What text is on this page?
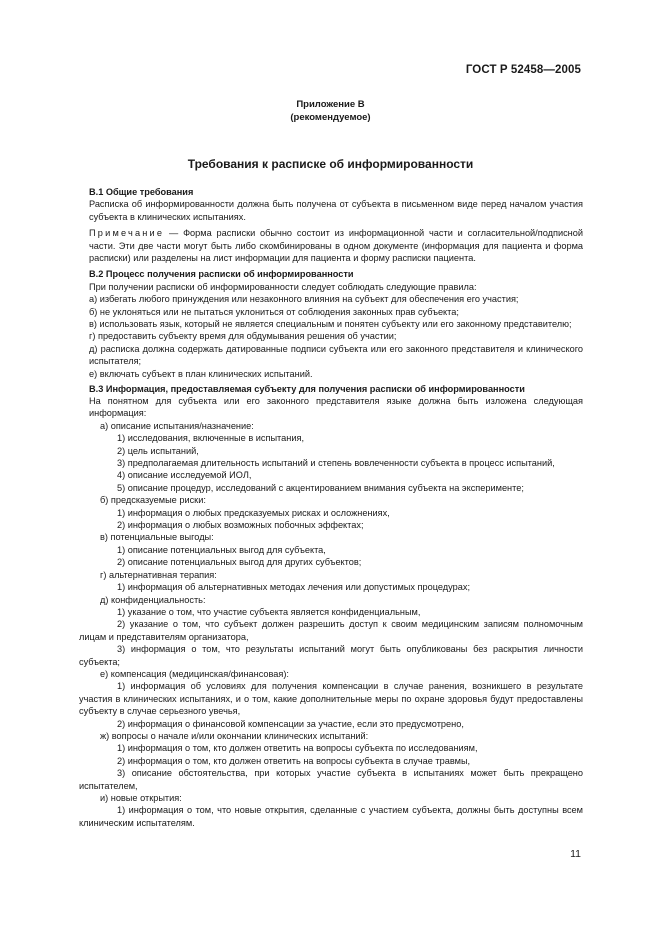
ГОСТ Р 52458—2005
Приложение В
(рекомендуемое)
Требования к расписке об информированности

В.1 Общие требования

Расписка об информированности должна быть получена от субъекта в письменном виде перед началом участия субъекта в клинических испытаниях.

Примечание — Форма расписки обычно состоит из информационной части и согласительной/подписной части. Эти две части могут быть либо скомбинированы в одном документе (информация для пациента и форма расписки) или разделены на лист информации для пациента и форму расписки пациента.

В.2 Процесс получения расписки об информированности

При получении расписки об информированности следует соблюдать следующие правила:

а) избегать любого принуждения или незаконного влияния на субъект для обеспечения его участия;

б) не уклоняться или не пытаться уклониться от соблюдения законных прав субъекта;

в) использовать язык, который не является специальным и понятен субъекту или его законному представителю;

г) предоставить субъекту время для обдумывания решения об участии;

д) расписка должна содержать датированные подписи субъекта или его законного представителя и клинического испытателя;

е) включать субъект в план клинических испытаний.

В.3 Информация, предоставляемая субъекту для получения расписки об информированности

На понятном для субъекта или его законного представителя языке должна быть изложена следующая информация:

а) описание испытания/назначение:

1) исследования, включенные в испытания,

2) цель испытаний,

3) предполагаемая длительность испытаний и степень вовлеченности субъекта в процесс испытаний,

4) описание исследуемой ИОЛ,

5) описание процедур, исследований с акцентированием внимания субъекта на эксперименте;

б) предсказуемые риски:

1) информация о любых предсказуемых рисках и осложнениях,

2) информация о любых возможных побочных эффектах;

в) потенциальные выгоды:

1) описание потенциальных выгод для субъекта,

2) описание потенциальных выгод для других субъектов;

г) альтернативная терапия:

1) информация об альтернативных методах лечения или допустимых процедурах;

д) конфиденциальность:

1) указание о том, что участие субъекта является конфиденциальным,

2) указание о том, что субъект должен разрешить доступ к своим медицинским записям полномочным лицам и представителям организатора,

3) информация о том, что результаты испытаний могут быть опубликованы без раскрытия личности субъекта;

е) компенсация (медицинская/финансовая):

1) информация об условиях для получения компенсации в случае ранения, возникшего в результате участия в клинических испытаниях, и о том, какие дополнительные меры по охране здоровья будут предоставлены субъекту в случае серьезного увечья,

2) информация о финансовой компенсации за участие, если это предусмотрено,

ж) вопросы о начале и/или окончании клинических испытаний:

1) информация о том, кто должен ответить на вопросы субъекта по исследованиям,

2) информация о том, кто должен ответить на вопросы субъекта в случае травмы,

3) описание обстоятельства, при которых участие субъекта в испытаниях может быть прекращено испытателем,

и) новые открытия:

1) информация о том, что новые открытия, сделанные с участием субъекта, должны быть доступны всем клиническим испытателям.

11
